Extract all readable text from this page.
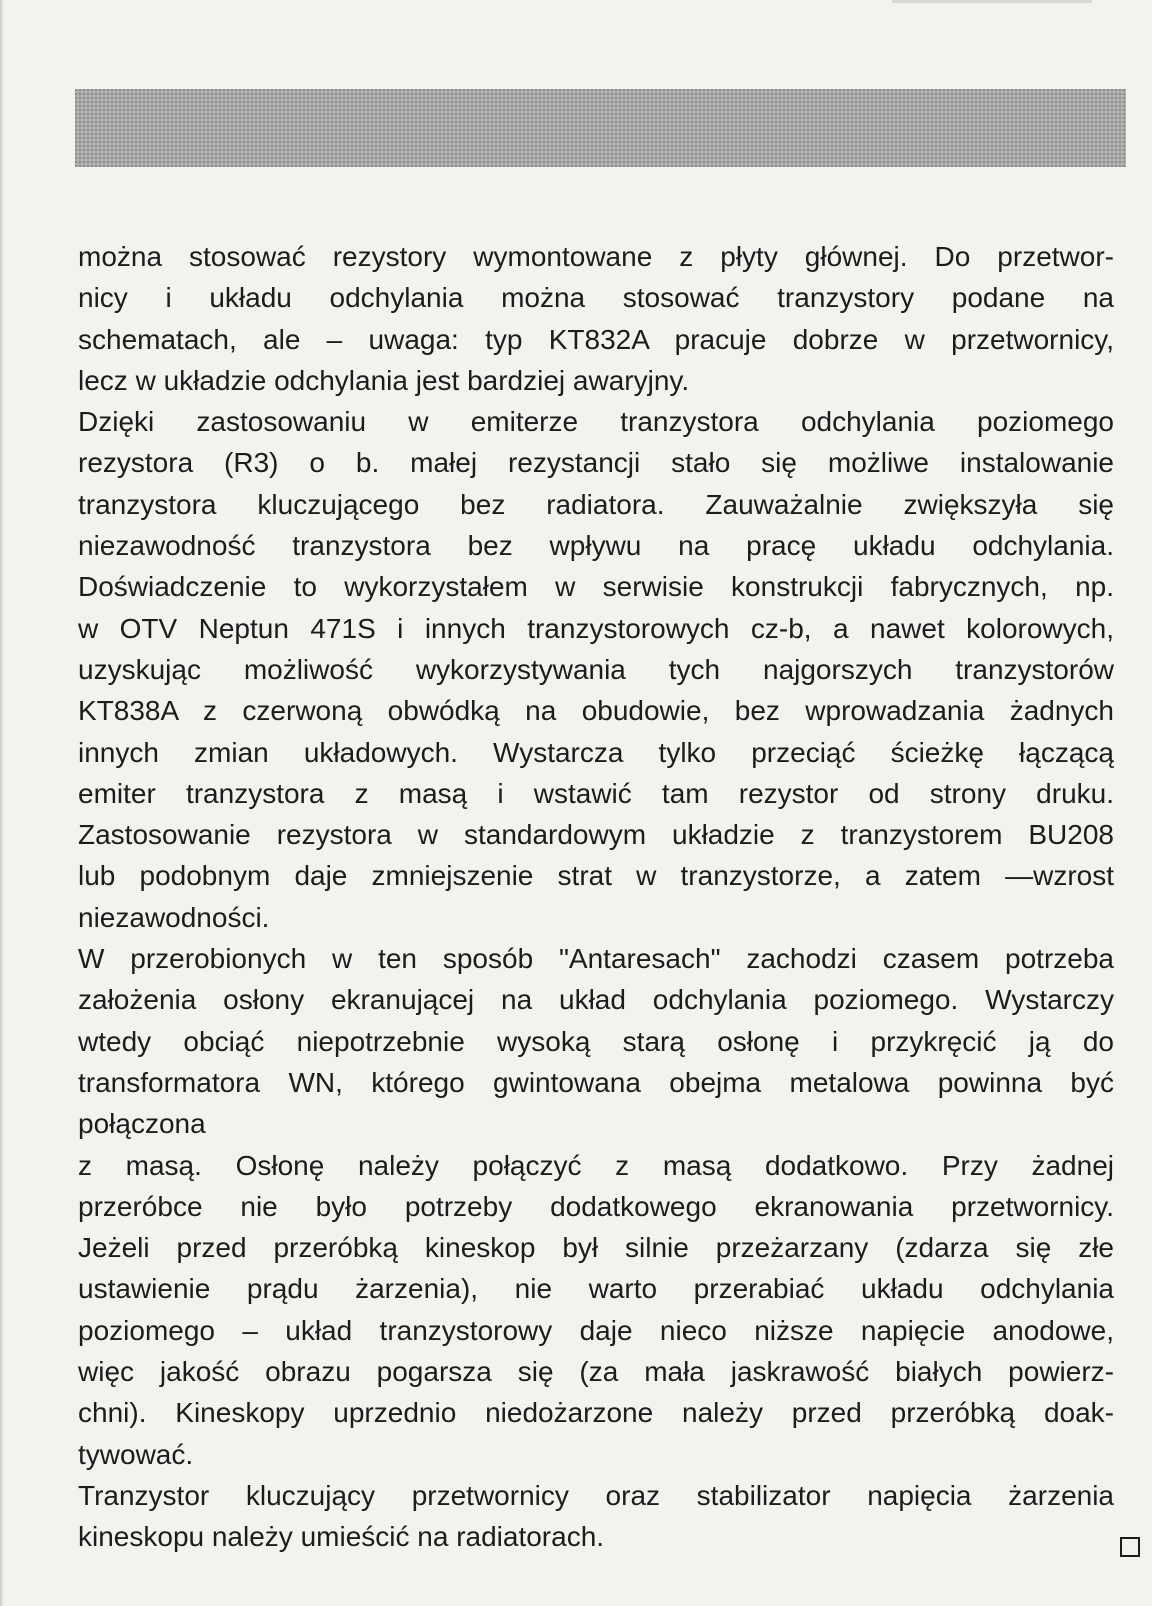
można stosować rezystory wymontowane z płyty głównej. Do przetwor-
nicy i układu odchylania można stosować tranzystory podane na
schematach, ale – uwaga: typ KT832A pracuje dobrze w przetwornicy,
lecz w układzie odchylania jest bardziej awaryjny.
Dzięki zastosowaniu w emiterze tranzystora odchylania poziomego
rezystora (R3) o b. małej rezystancji stało się możliwe instalowanie
tranzystora kluczującego bez radiatora. Zauważalnie zwiększyła się
niezawodność tranzystora bez wpływu na pracę układu odchylania.
Doświadczenie to wykorzystałem w serwisie konstrukcji fabrycznych, np.
w OTV Neptun 471S i innych tranzystorowych cz-b, a nawet kolorowych,
uzyskując możliwość wykorzystywania tych najgorszych tranzystorów
KT838A z czerwoną obwódką na obudowie, bez wprowadzania żadnych
innych zmian układowych. Wystarcza tylko przeciąć ścieżkę łączącą
emiter tranzystora z masą i wstawić tam rezystor od strony druku.
Zastosowanie rezystora w standardowym układzie z tranzystorem BU208
lub podobnym daje zmniejszenie strat w tranzystorze, a zatem —wzrost
niezawodności.
W przerobionych w ten sposób "Antaresach" zachodzi czasem potrzeba
założenia osłony ekranującej na układ odchylania poziomego. Wystarczy
wtedy obciąć niepotrzebnie wysoką starą osłonę i przykręcić ją do
transformatora WN, którego gwintowana obejma metalowa powinna być
połączona
z masą. Osłonę należy połączyć z masą dodatkowo. Przy żadnej
przeróbce nie było potrzeby dodatkowego ekranowania przetwornicy.
Jeżeli przed przeróbką kineskop był silnie przeżarzany (zdarza się złe
ustawienie prądu żarzenia), nie warto przerabiać układu odchylania
poziomego – układ tranzystorowy daje nieco niższe napięcie anodowe,
więc jakość obrazu pogarsza się (za mała jaskrawość białych powierz-
chni). Kineskopy uprzednio niedożarzone należy przed przeróbką doak-
tywować.
Tranzystor kluczujący przetwornicy oraz stabilizator napięcia żarzenia
kineskopu należy umieścić na radiatorach.
